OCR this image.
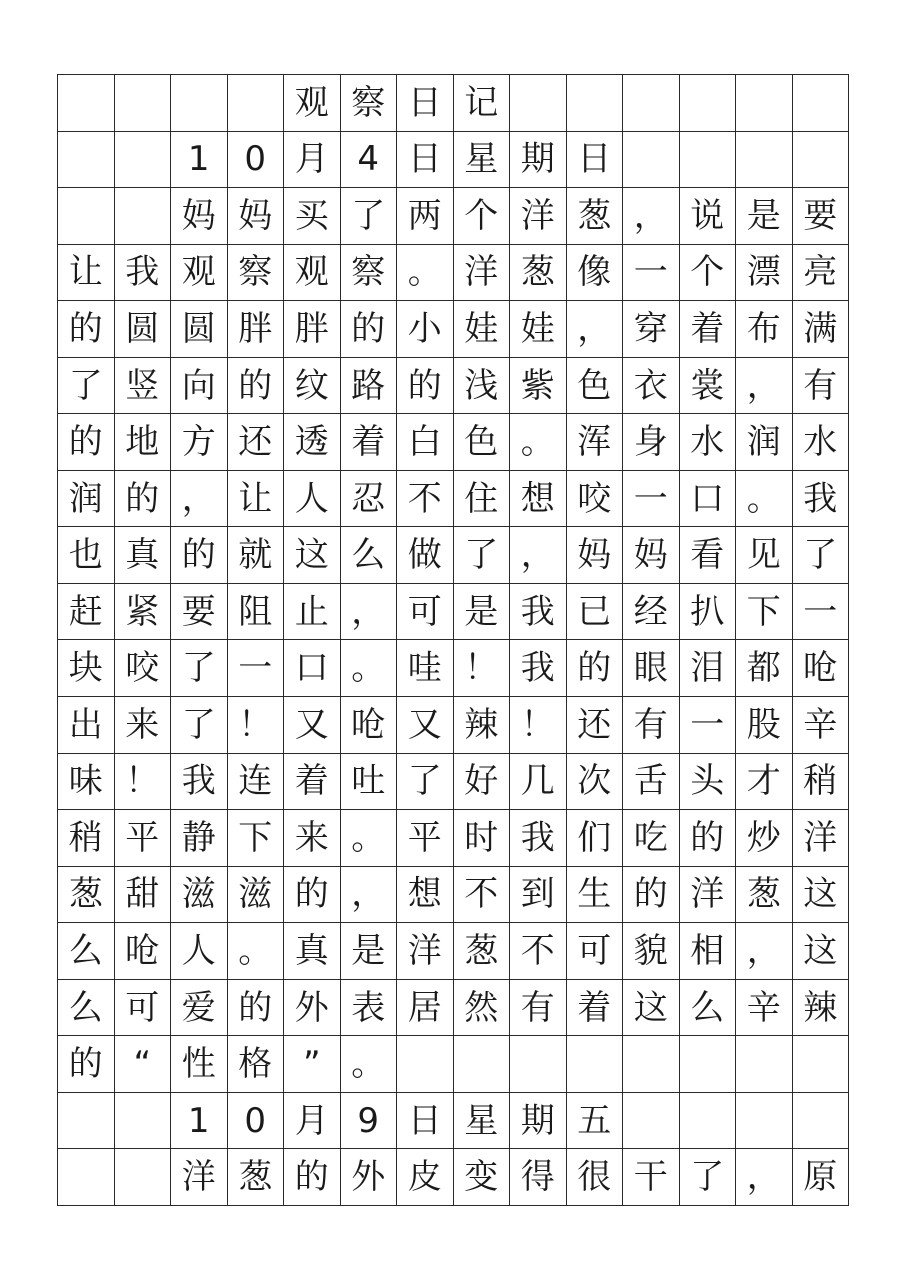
观 察 日 记
1	0 月 4 日 星 期 日
妈 妈 买 了 两 个 洋 葱 ， 说 是 要
让 我 观 察 观 察 。 洋 葱 像 一 个 漂 亮
的 圆 圆 胖 胖 的 小 娃 娃 ， 穿 着 布 满
了 竖 向 的 纹 路 的 浅 紫 色 衣 裳 ， 有
的 地 方 还 透 着 白 色 。 浑 身 水 润 水
润 的 ， 让 人 忍 不 住 想 咬 一 口 。 我
也 真 的 就 这 么 做 了 ， 妈 妈 看 见 了
赶 紧 要 阻 止 ， 可 是 我 已 经 扒 下 一
块 咬 了 一 口 。 哇 ！ 我 的 眼 泪 都 呛
出 来 了 ！ 又 呛 又 辣 ！ 还 有 一 股 辛
味 ！ 我 连 着 吐 了 好 几 次 舌 头 才 稍
稍 平 静 下 来 。 平 时 我 们 吃 的 炒 洋
葱 甜 滋 滋 的 ， 想 不 到 生 的 洋 葱 这
么 呛 人 。 真 是 洋 葱 不 可 貌 相 ， 这
么 可 爱 的 外 表 居 然 有 着 这 么 辛 辣
的 “ 性 格 ” 。
1	0 月 9 日 星 期 五
洋 葱 的 外 皮 变 得 很 干 了 ， 原
